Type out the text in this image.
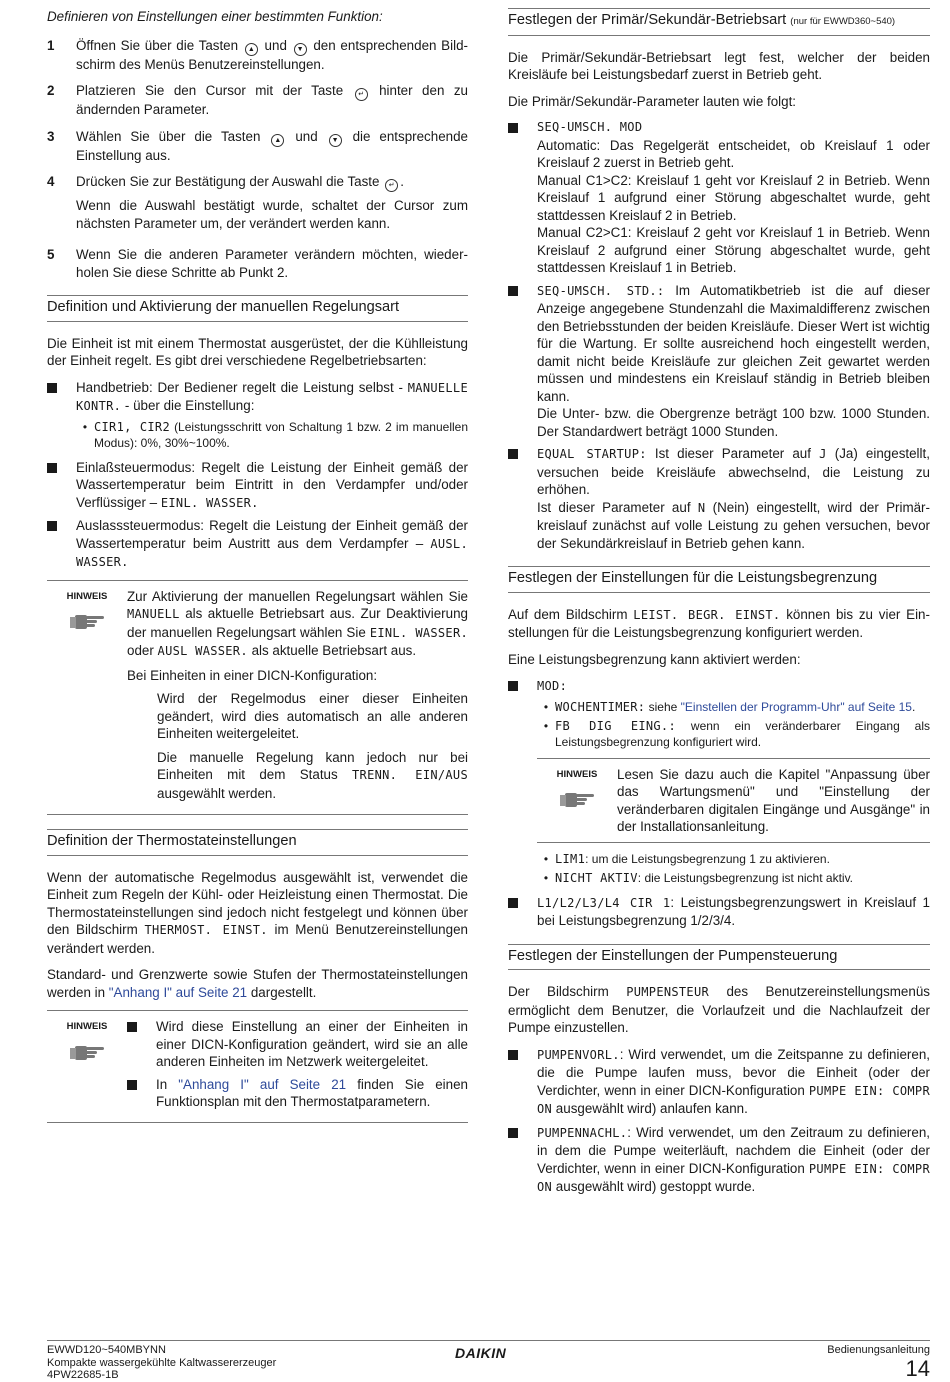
Definieren von Einstellungen einer bestimmten Funktion:

1	Öffnen Sie über die Tasten ▲ und ▼ den entsprechenden Bildschirm des Menüs Benutzereinstellungen.
2	Platzieren Sie den Cursor mit der Taste ↵ hinter den zu ändernden Parameter.
3	Wählen Sie über die Tasten ▲ und ▼ die entsprechende Einstellung aus.
4	Drücken Sie zur Bestätigung der Auswahl die Taste ↵ .

Wenn die Auswahl bestätigt wurde, schaltet der Cursor zum nächsten Parameter um, der verändert werden kann.

5	Wenn Sie die anderen Parameter verändern möchten, wiederholen Sie diese Schritte ab Punkt 2.
Definition und Aktivierung der manuellen Regelungsart

Die Einheit ist mit einem Thermostat ausgerüstet, der die Kühlleistung der Einheit regelt. Es gibt drei verschiedene Regelbetriebsarten:

Handbetrieb: Der Bediener regelt die Leistung selbst - MANUELLE KONTR. - über die Einstellung:
• CIR1, CIR2 (Leistungsschritt von Schaltung 1 bzw. 2 im manuellen Modus): 0%, 30%~100%.
Einlaßsteuermodus: Regelt die Leistung der Einheit gemäß der Wassertemperatur beim Eintritt in den Verdampfer und/oder Verflüssiger – EINL. WASSER.
Auslasssteuermodus: Regelt die Leistung der Einheit gemäß der Wassertemperatur beim Austritt aus dem Verdampfer – AUSL. WASSER.
HINWEIS	Zur Aktivierung der manuellen Regelungsart wählen Sie MANUELL als aktuelle Betriebsart aus. Zur Deaktivierung der manuellen Regelungsart wählen Sie EINL. WASSER. oder AUSL WASSER. als aktuelle Betriebsart aus.

Bei Einheiten in einer DICN-Konfiguration:

Wird der Regelmodus einer dieser Einheiten geändert, wird dies automatisch an alle anderen Einheiten weitergeleitet.

Die manuelle Regelung kann jedoch nur bei Einheiten mit dem Status TRENN. EIN/AUS ausgewählt werden.

Definition der Thermostateinstellungen

Wenn der automatische Regelmodus ausgewählt ist, verwendet die Einheit zum Regeln der Kühl- oder Heizleistung einen Thermostat. Die Thermostateinstellungen sind jedoch nicht festgelegt und können über den Bildschirm THERMOST. EINST. im Menü Benutzereinstellungen verändert werden.

Standard- und Grenzwerte sowie Stufen der Thermostateinstellungen werden in "Anhang I" auf Seite 21 dargestellt.

HINWEIS	Wird diese Einstellung an einer der Einheiten in einer DICN-Konfiguration geändert, wird sie an alle anderen Einheiten im Netzwerk weitergeleitet.
In "Anhang I" auf Seite 21 finden Sie einen Funktionsplan mit den Thermostatparametern.
Festlegen der Primär/Sekundär-Betriebsart (nur für EWWD360~540)

Die Primär/Sekundär-Betriebsart legt fest, welcher der beiden Kreisläufe bei Leistungsbedarf zuerst in Betrieb geht.

Die Primär/Sekundär-Parameter lauten wie folgt:

SEQ-UMSCH. MOD
Automatic: Das Regelgerät entscheidet, ob Kreislauf 1 oder Kreislauf 2 zuerst in Betrieb geht.
Manual C1>C2: Kreislauf 1 geht vor Kreislauf 2 in Betrieb. Wenn Kreislauf 1 aufgrund einer Störung abgeschaltet wurde, geht stattdessen Kreislauf 2 in Betrieb.
Manual C2>C1: Kreislauf 2 geht vor Kreislauf 1 in Betrieb. Wenn Kreislauf 2 aufgrund einer Störung abgeschaltet wurde, geht stattdessen Kreislauf 1 in Betrieb.
SEQ-UMSCH. STD.: Im Automatikbetrieb ist die auf dieser Anzeige angegebene Stundenzahl die Maximaldifferenz zwischen den Betriebsstunden der beiden Kreisläufe. Dieser Wert ist wichtig für die Wartung. Er sollte ausreichend hoch eingestellt werden, damit nicht beide Kreisläufe zur gleichen Zeit gewartet werden müssen und mindestens ein Kreislauf ständig in Betrieb bleiben kann.
Die Unter- bzw. die Obergrenze beträgt 100 bzw. 1000 Stunden. Der Standardwert beträgt 1000 Stunden.
EQUAL STARTUP: Ist dieser Parameter auf J (Ja) eingestellt, versuchen beide Kreisläufe abwechselnd, die Leistung zu erhöhen.
Ist dieser Parameter auf N (Nein) eingestellt, wird der Primärkreislauf zunächst auf volle Leistung zu gehen versuchen, bevor der Sekundärkreislauf in Betrieb gehen kann.
Festlegen der Einstellungen für die Leistungsbegrenzung

Auf dem Bildschirm LEIST. BEGR. EINST. können bis zu vier Einstellungen für die Leistungsbegrenzung konfiguriert werden.

Eine Leistungsbegrenzung kann aktiviert werden:

MOD:
• WOCHENTIMER: siehe "Einstellen der Programm-Uhr" auf Seite 15.
• FB DIG EING.: wenn ein veränderbarer Eingang als Leistungsbegrenzung konfiguriert wird.
HINWEIS	Lesen Sie dazu auch die Kapitel "Anpassung über das Wartungsmenü" und "Einstellung der veränderbaren digitalen Eingänge und Ausgänge" in der Installationsanleitung.
• LIM1: um die Leistungsbegrenzung 1 zu aktivieren.
• NICHT AKTIV: die Leistungsbegrenzung ist nicht aktiv.
L1/L2/L3/L4 CIR 1: Leistungsbegrenzungswert in Kreislauf 1 bei Leistungsbegrenzung 1/2/3/4.
Festlegen der Einstellungen der Pumpensteuerung

Der Bildschirm PUMPENSTEUR des Benutzereinstellungsmenüs ermöglicht dem Benutzer, die Vorlaufzeit und die Nachlaufzeit der Pumpe einzustellen.

PUMPENVORL.: Wird verwendet, um die Zeitspanne zu definieren, die die Pumpe laufen muss, bevor die Einheit (oder der Verdichter, wenn in einer DICN-Konfiguration PUMPE EIN: COMPR ON ausgewählt wird) anlaufen kann.
PUMPENNACHL.: Wird verwendet, um den Zeitraum zu definieren, in dem die Pumpe weiterläuft, nachdem die Einheit (oder der Verdichter, wenn in einer DICN-Konfiguration PUMPE EIN: COMPR ON ausgewählt wird) gestoppt wurde.
EWWD120~540MBYNN
Kompakte wassergekühlte Kaltwassererzeuger
4PW22685-1B
DAIKIN	Bedienungsanleitung
14
